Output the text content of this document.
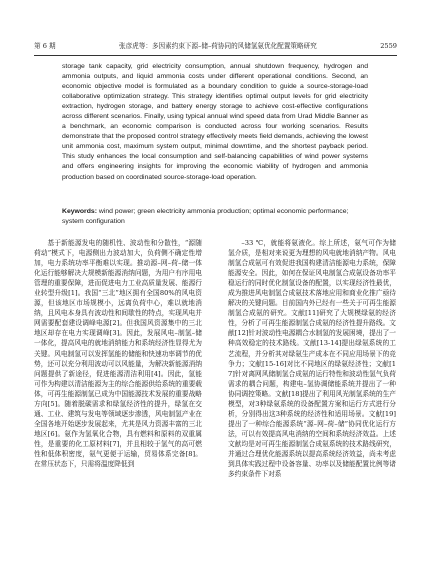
第 6 期	张彦虎等：多因素约束下源–储–荷协同的风储氢氨优化配置策略研究	2559
storage tank capacity, grid electricity consumption, annual shutdown frequency, hydrogen and ammonia outputs, and liquid ammonia costs under different operational conditions. Second, an economic objective model is formulated as a boundary condition to guide a source-storage-load collaborative optimization strategy. This strategy identifies optimal output levels for grid electricity extraction, hydrogen storage, and battery energy storage to achieve cost-effective configurations across different scenarios. Finally, using typical annual wind speed data from Urad Middle Banner as a benchmark, an economic comparison is conducted across four working scenarios. Results demonstrate that the proposed control strategy effectively meets field demands, achieving the lowest unit ammonia cost, maximum system output, minimal downtime, and the shortest payback period. This study enhances the local consumption and self-balancing capabilities of wind power systems and offers engineering insights for improving the economic viability of hydrogen and ammonia production based on coordinated source-storage-load operation.
Keywords: wind power; green electricity ammonia production; optimal economic performance; system configuration

基于新能源发电的随机性、波动性和分散性，“源随荷动”模式下，电源侧出力波动加大，负荷侧不确定性增加，电力系统功率平衡难以实现。推动源–网–荷–储一体化运行能够解决大规模新能源消纳问题，为用户有序用电管理的重要保障，进而促进电力工业高质量发展、能源行业转型升级[1]。我国“三北”地区拥有全国80%的风电资源，但该地区市场规模小，远离负荷中心，难以就地消纳，且风电本身具有波动性和间歇性的特点，实现风电并网需要配套建设调峰电源[2]。但我国风资源集中的三北地区却存在电力实现调峰[3]。因此，发展风电–制氢–储一体化，提高风电的就地消纳能力和系统经济性显得尤为关键。风电制氢可以发挥氢能的储能和快速功率调节的优势，还可以充分利用波动可以风能量，为解决新能源消纳问题提供了新途径，促进能源清洁利用[4]。因此，氢能可作为构建以清洁能源为主的综合能源供给系统的重要载体，可再生能源制氢已成为中国能源技术发展的重要战略方向[5]。随着脱碳需求和绿氢经济性的提升，绿氢在交通、工业、建筑与发电等领域逐步渗透，风电制氢产业在全国各地开始逐步发展起来，尤其是风力资源丰富的三北地区[6]。氨作为氢氧化合物，具有燃料和原料的双重属性，是重要的化工原材料[7]，并且相较于氢气的高可燃性和低体积密度，氨气更便于运输，贸易体系完备[8]。在常压状态下，只需将温度降低到

–33 ℃，就能将氨液化。综上所述，氨气可作为储氢介质，是相对来说更为理想的风电就地消纳产物。风电制氢合成氨可有效促进我国构建清洁能源电力系统，保障能源安全。因此，如何在保证风电制氢合成氨设备功率平稳运行的同时优化制氢设备的配置，以实现经济性最优，成为推进风电制氢合成氨技术落地应用和商业化推广亟待解决的关键问题。目前国内外已经有一些关于可再生能源制氢合成氨的研究。文献[11]研究了大规模绿氨的经济性，分析了可再生能源制氢合成氨的经济性提升路线。文献[12]针对波动性电源耦合水制氢的发展困境，提出了一种高效稳定的技术路线。文献[13-14]提出绿氨系统的工艺流程，并分析其对绿氨生产成本在不同应用场景下的竞争力；文献[15-16]对比不同地区的绿氨经济性；文献[17]针对离网风储制氢合成氨的运行特性和波动性氢气负荷需求的耦合问题，构建电–氢协调储能系统并提出了一种协同调控策略。文献[18]提出了利用风光制氢系统的生产模型，对3种绿氨系统的设备配置方案和运行方式进行分析，分别得出这3种系统的经济性和适用场景。文献[19]提出了一种综合能源系统“源–网–荷–储”协同优化运行方法，可以有效提高风电消纳的空间和系统经济效益。上述文献均是对可再生能源制氢合成氨系统的技术路线研究，并通过合理优化能源系统以提高系统经济效益，尚未考虑到具体实践过程中设备容量、功率以及储能配置比例等诸多约束条件下对系
